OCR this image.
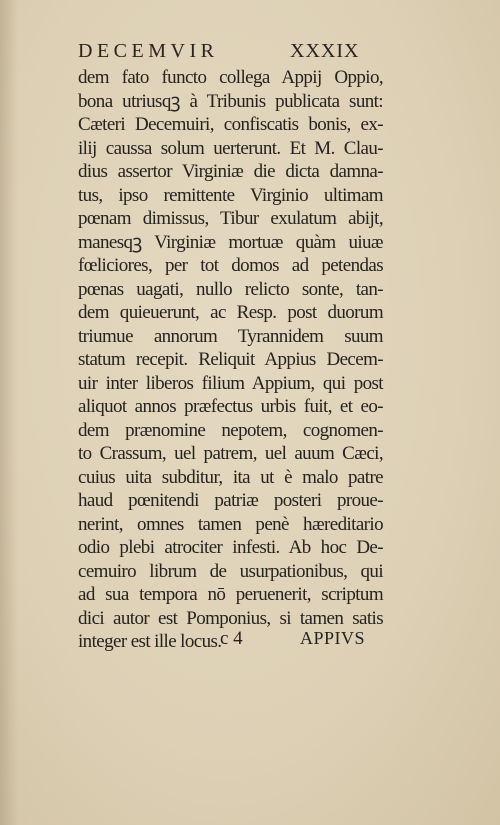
DECEMVIR	XXXIX
dem fato functo collega Appij Oppio,
bona utriusqꝫ à Tribunis publicata sunt:
Cæteri Decemuiri, confiscatis bonis, ex-
ilij caussa solum uerterunt. Et M. Clau-
dius assertor Virginiæ die dicta damna-
tus, ipso remittente Virginio ultimam
pœnam dimissus, Tibur exulatum abijt,
manesqꝫ Virginiæ mortuæ quàm uiuæ
fœliciores, per tot domos ad petendas
pœnas uagati, nullo relicto sonte, tan-
dem quieuerunt, ac Resp. post duorum
triumue annorum Tyrannidem suum
statum recepit. Reliquit Appius Decem-
uir inter liberos filium Appium, qui post
aliquot annos præfectus urbis fuit, et eo-
dem prænomine nepotem, cognomen-
to Crassum, uel patrem, uel auum Cæci,
cuius uita subditur, ita ut è malo patre
haud pœnitendi patriæ posteri proue-
nerint, omnes tamen penè hæreditario
odio plebi atrociter infesti. Ab hoc De-
cemuiro librum de usurpationibus, qui
ad sua tempora nō peruenerit, scriptum
dici autor est Pomponius, si tamen satis
integer est ille locus.
c 4	APPIVS
